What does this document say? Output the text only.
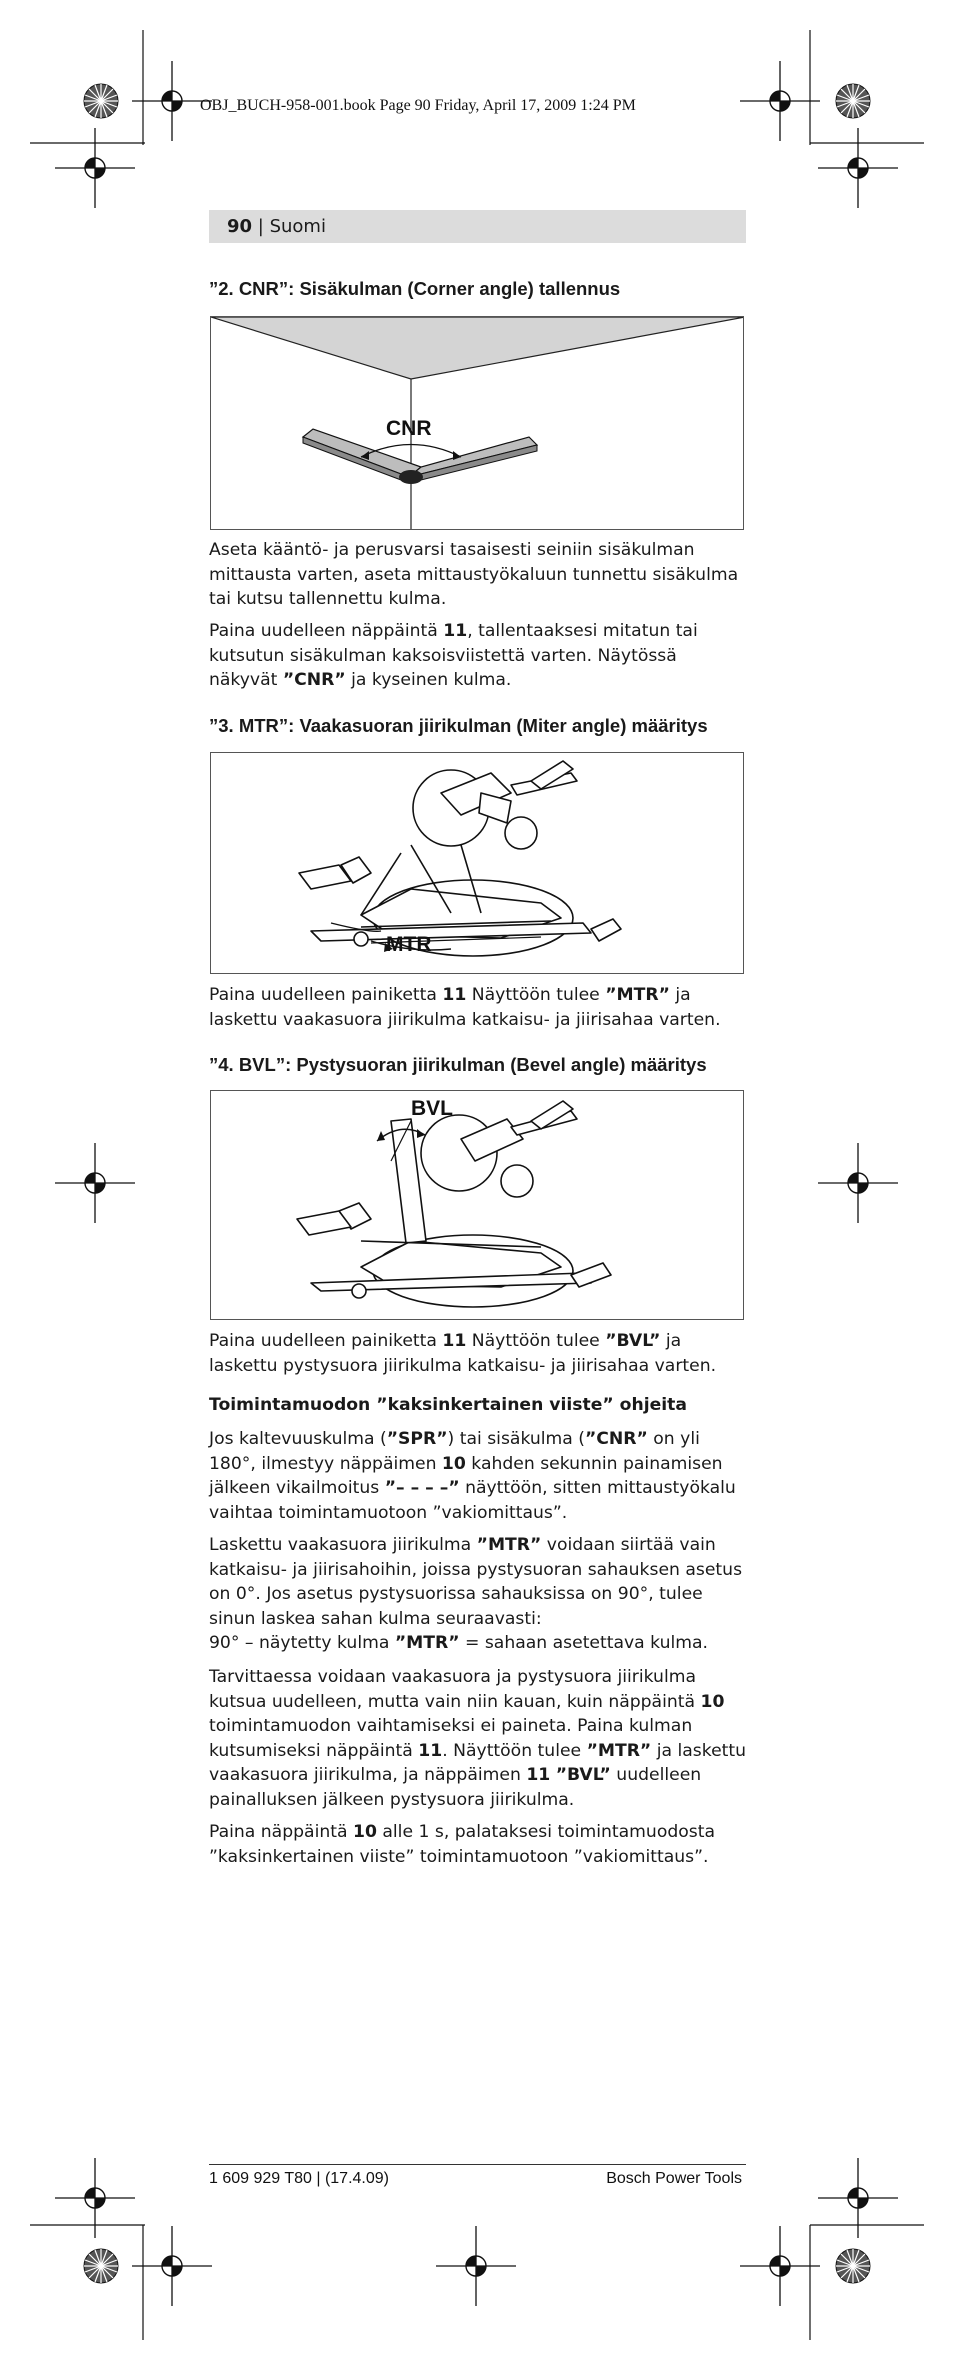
OBJ_BUCH-958-001.book Page 90 Friday, April 17, 2009 1:24 PM
90 | Suomi
”2. CNR”: Sisäkulman (Corner angle) tallennus
CNR

Aseta kääntö- ja perusvarsi tasaisesti seiniin sisäkulman mittausta varten, aseta mittaustyökaluun tunnettu sisäkulma tai kutsu tallennettu kulma.

Paina uudelleen näppäintä 11, tallentaaksesi mitatun tai kutsutun sisäkulman kaksoisviistettä varten. Näytössä näkyvät ”CNR” ja kyseinen kulma.

”3. MTR”: Vaakasuoran jiirikulman (Miter angle) määritys
MTR

Paina uudelleen painiketta 11 Näyttöön tulee ”MTR” ja laskettu vaakasuora jiirikulma katkaisu- ja jiirisahaa varten.

”4. BVL”: Pystysuoran jiirikulman (Bevel angle) määritys
BVL

Paina uudelleen painiketta 11 Näyttöön tulee ”BVL” ja laskettu pystysuora jiirikulma katkaisu- ja jiirisahaa varten.

Toimintamuodon ”kaksinkertainen viiste” ohjeita

Jos kaltevuuskulma (”SPR”) tai sisäkulma (”CNR” on yli 180°, ilmestyy näppäimen 10 kahden sekunnin painamisen jälkeen vikailmoitus ”– – – –” näyttöön, sitten mittaustyökalu vaihtaa toimintamuotoon ”vakiomittaus”.

Laskettu vaakasuora jiirikulma ”MTR” voidaan siirtää vain katkaisu- ja jiirisahoihin, joissa pystysuoran sahauksen asetus on 0°. Jos asetus pystysuorissa sahauksissa on 90°, tulee sinun laskea sahan kulma seuraavasti:
90° – näytetty kulma ”MTR” = sahaan asetettava kulma.

Tarvittaessa voidaan vaakasuora ja pystysuora jiirikulma kutsua uudelleen, mutta vain niin kauan, kuin näppäintä 10 toimintamuodon vaihtamiseksi ei paineta. Paina kulman kutsumiseksi näppäintä 11. Näyttöön tulee ”MTR” ja laskettu vaakasuora jiirikulma, ja näppäimen 11 ”BVL” uudelleen painalluksen jälkeen pystysuora jiirikulma.

Paina näppäintä 10 alle 1 s, palataksesi toimintamuodosta ”kaksinkertainen viiste” toimintamuotoon ”vakiomittaus”.

1 609 929 T80 | (17.4.09)	Bosch Power Tools
